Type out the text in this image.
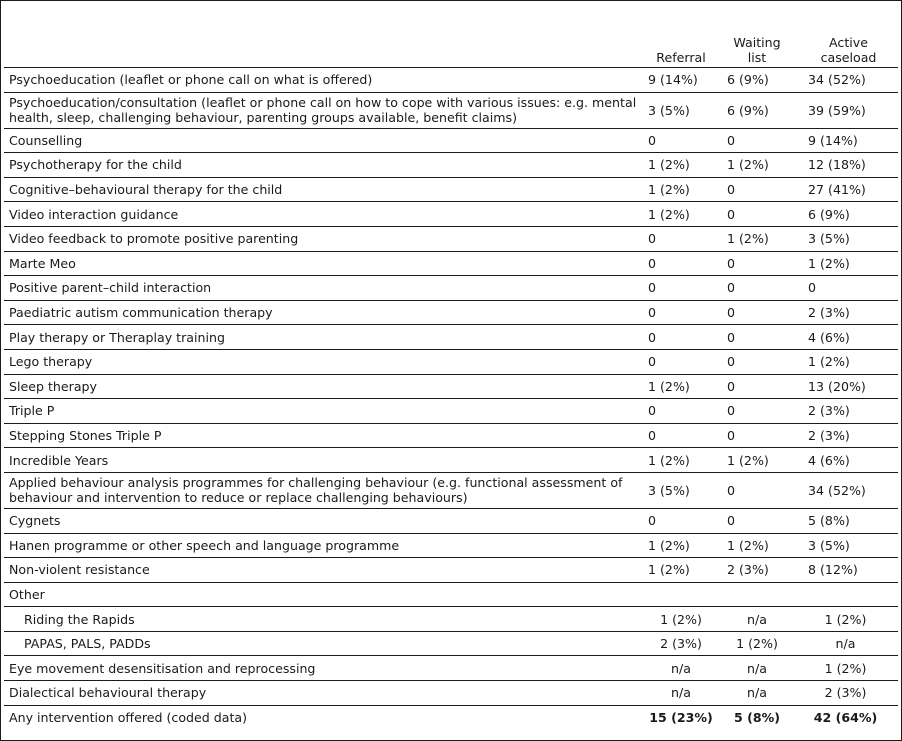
	Referral	Waiting list	Active caseload
Psychoeducation (leaflet or phone call on what is offered)	9 (14%)	6 (9%)	34 (52%)
Psychoeducation/consultation (leaflet or phone call on how to cope with various issues: e.g. mental health, sleep, challenging behaviour, parenting groups available, benefit claims)	3 (5%)	6 (9%)	39 (59%)
Counselling	0	0	9 (14%)
Psychotherapy for the child	1 (2%)	1 (2%)	12 (18%)
Cognitive–behavioural therapy for the child	1 (2%)	0	27 (41%)
Video interaction guidance	1 (2%)	0	6 (9%)
Video feedback to promote positive parenting	0	1 (2%)	3 (5%)
Marte Meo	0	0	1 (2%)
Positive parent–child interaction	0	0	0
Paediatric autism communication therapy	0	0	2 (3%)
Play therapy or Theraplay training	0	0	4 (6%)
Lego therapy	0	0	1 (2%)
Sleep therapy	1 (2%)	0	13 (20%)
Triple P	0	0	2 (3%)
Stepping Stones Triple P	0	0	2 (3%)
Incredible Years	1 (2%)	1 (2%)	4 (6%)
Applied behaviour analysis programmes for challenging behaviour (e.g. functional assessment of behaviour and intervention to reduce or replace challenging behaviours)	3 (5%)	0	34 (52%)
Cygnets	0	0	5 (8%)
Hanen programme or other speech and language programme	1 (2%)	1 (2%)	3 (5%)
Non-violent resistance	1 (2%)	2 (3%)	8 (12%)
Other			
Riding the Rapids	1 (2%)	n/a	1 (2%)
PAPAS, PALS, PADDs	2 (3%)	1 (2%)	n/a
Eye movement desensitisation and reprocessing	n/a	n/a	1 (2%)
Dialectical behavioural therapy	n/a	n/a	2 (3%)
Any intervention offered (coded data)	15 (23%)	5 (8%)	42 (64%)
